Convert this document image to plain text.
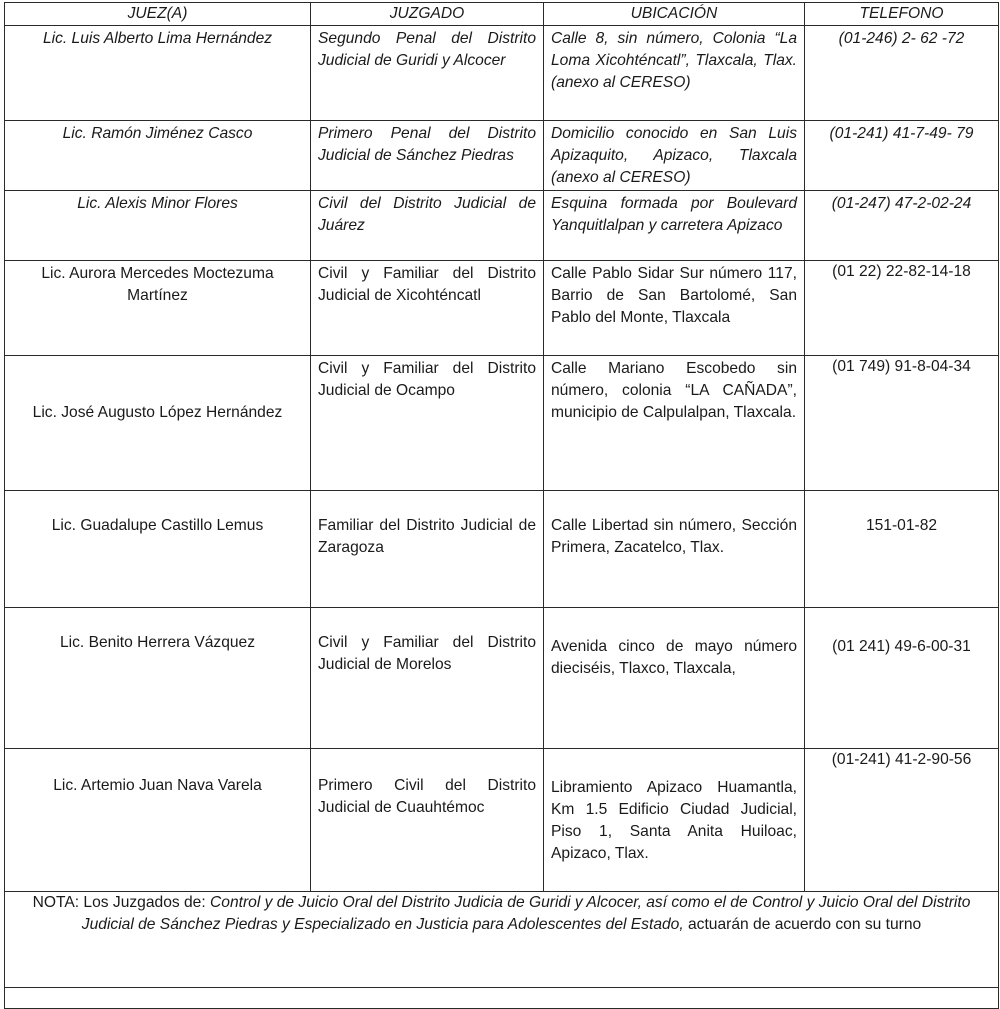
JUEZ(A)	JUZGADO	UBICACIÓN	TELEFONO
Lic. Luis Alberto Lima Hernández	Segundo Penal del Distrito Judicial de Guridi y Alcocer	Calle 8, sin número, Colonia “La Loma Xicohténcatl”, Tlaxcala, Tlax. (anexo al CERESO)	(01-246) 2- 62 -72
Lic. Ramón Jiménez Casco	Primero Penal del Distrito Judicial de Sánchez Piedras	Domicilio conocido en San Luis Apizaquito, Apizaco, Tlaxcala (anexo al CERESO)	(01-241) 41-7-49- 79
Lic. Alexis Minor Flores	Civil del Distrito Judicial de Juárez	Esquina formada por Boulevard Yanquitlalpan y carretera Apizaco	(01-247) 47-2-02-24
Lic. Aurora Mercedes Moctezuma Martínez	Civil y Familiar del Distrito Judicial de Xicohténcatl	Calle Pablo Sidar Sur número 117, Barrio de San Bartolomé, San Pablo del Monte, Tlaxcala	(01 22) 22-82-14-18
Lic. José Augusto López Hernández	Civil y Familiar del Distrito Judicial de Ocampo	Calle Mariano Escobedo sin número, colonia “LA CAÑADA”, municipio de Calpulalpan, Tlaxcala.	(01 749) 91-8-04-34
Lic. Guadalupe Castillo Lemus	Familiar del Distrito Judicial de Zaragoza	Calle Libertad sin número, Sección Primera, Zacatelco, Tlax.	151-01-82
Lic. Benito Herrera Vázquez	Civil y Familiar del Distrito Judicial de Morelos	Avenida cinco de mayo número dieciséis, Tlaxco, Tlaxcala,	(01 241) 49-6-00-31
Lic. Artemio Juan Nava Varela	Primero Civil del Distrito Judicial de Cuauhtémoc	Libramiento Apizaco Huamantla, Km 1.5 Edificio Ciudad Judicial, Piso 1, Santa Anita Huiloac, Apizaco, Tlax.	(01-241) 41-2-90-56
NOTA: Los Juzgados de: Control y de Juicio Oral del Distrito Judicia de Guridi y Alcocer, así como el de Control y Juicio Oral del Distrito Judicial de Sánchez Piedras y Especializado en Justicia para Adolescentes del Estado, actuarán de acuerdo con su turno			
